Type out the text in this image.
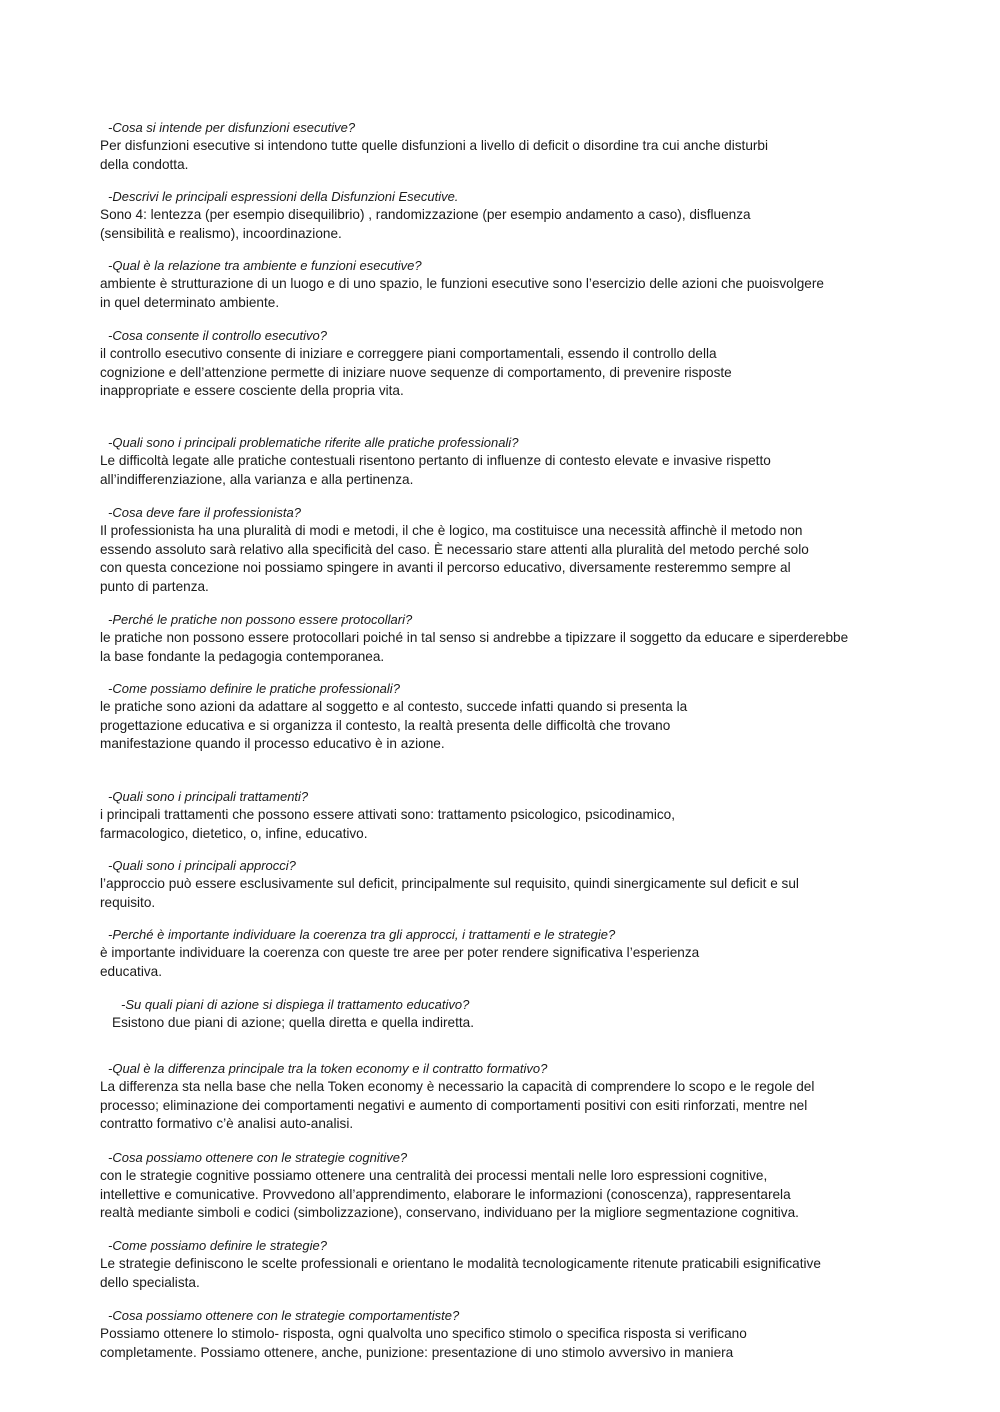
-Cosa si intende per disfunzioni esecutive?
Per disfunzioni esecutive si intendono tutte quelle disfunzioni a livello di deficit o disordine tra cui anche disturbi
della condotta.
-Descrivi le principali espressioni della Disfunzioni Esecutive.
Sono 4: lentezza (per esempio disequilibrio) , randomizzazione (per esempio andamento a caso), disfluenza
(sensibilità e realismo), incoordinazione.
-Qual è la relazione tra ambiente e funzioni esecutive?
ambiente è strutturazione di un luogo e di uno spazio, le funzioni esecutive sono l’esercizio delle azioni che puoisvolgere
in quel determinato ambiente.
-Cosa consente il controllo esecutivo?
il controllo esecutivo consente di iniziare e correggere piani comportamentali, essendo il controllo della
cognizione e dell’attenzione permette di iniziare nuove sequenze di comportamento, di prevenire risposte
inappropriate e essere cosciente della propria vita.
-Quali sono i principali problematiche riferite alle pratiche professionali?
Le difficoltà legate alle pratiche contestuali risentono pertanto di influenze di contesto elevate e invasive rispetto
all’indifferenziazione, alla varianza e alla pertinenza.
-Cosa deve fare il professionista?
Il professionista ha una pluralità di modi e metodi, il che è logico, ma costituisce una necessità affinchè il metodo non
essendo assoluto sarà relativo alla specificità del caso. È necessario stare attenti alla pluralità del metodo perché solo
con questa concezione noi possiamo spingere in avanti il percorso educativo, diversamente resteremmo sempre al
punto di partenza.
-Perché le pratiche non possono essere protocollari?
le pratiche non possono essere protocollari poiché in tal senso si andrebbe a tipizzare il soggetto da educare e siperderebbe
la base fondante la pedagogia contemporanea.
-Come possiamo definire le pratiche professionali?
le pratiche sono azioni da adattare al soggetto e al contesto, succede infatti quando si presenta la
progettazione educativa e si organizza il contesto, la realtà presenta delle difficoltà che trovano
manifestazione quando il processo educativo è in azione.
-Quali sono i principali trattamenti?
i principali trattamenti che possono essere attivati sono: trattamento psicologico, psicodinamico,
farmacologico, dietetico, o, infine, educativo.
-Quali sono i principali approcci?
l’approccio può essere esclusivamente sul deficit, principalmente sul requisito, quindi sinergicamente sul deficit e sul
requisito.
-Perché è importante individuare la coerenza tra gli approcci, i trattamenti e le strategie?
è importante individuare la coerenza con queste tre aree per poter rendere significativa l’esperienza
educativa.
-Su quali piani di azione si dispiega il trattamento educativo?
Esistono due piani di azione; quella diretta e quella indiretta.
-Qual è la differenza principale tra la token economy e il contratto formativo?
La differenza sta nella base che nella Token economy è necessario la capacità di comprendere lo scopo e le regole del
processo; eliminazione dei comportamenti negativi e aumento di comportamenti positivi con esiti rinforzati, mentre nel
contratto formativo c’è analisi auto-analisi.
-Cosa possiamo ottenere con le strategie cognitive?
con le strategie cognitive possiamo ottenere una centralità dei processi mentali nelle loro espressioni cognitive,
intellettive e comunicative. Provvedono all’apprendimento, elaborare le informazioni (conoscenza), rappresentarela
realtà mediante simboli e codici (simbolizzazione), conservano, individuano per la migliore segmentazione cognitiva.
-Come possiamo definire le strategie?
Le strategie definiscono le scelte professionali e orientano le modalità tecnologicamente ritenute praticabili esignificative
dello specialista.
-Cosa possiamo ottenere con le strategie comportamentiste?
Possiamo ottenere lo stimolo- risposta, ogni qualvolta uno specifico stimolo o specifica risposta si verificano
completamente. Possiamo ottenere, anche, punizione: presentazione di uno stimolo avversivo in maniera
